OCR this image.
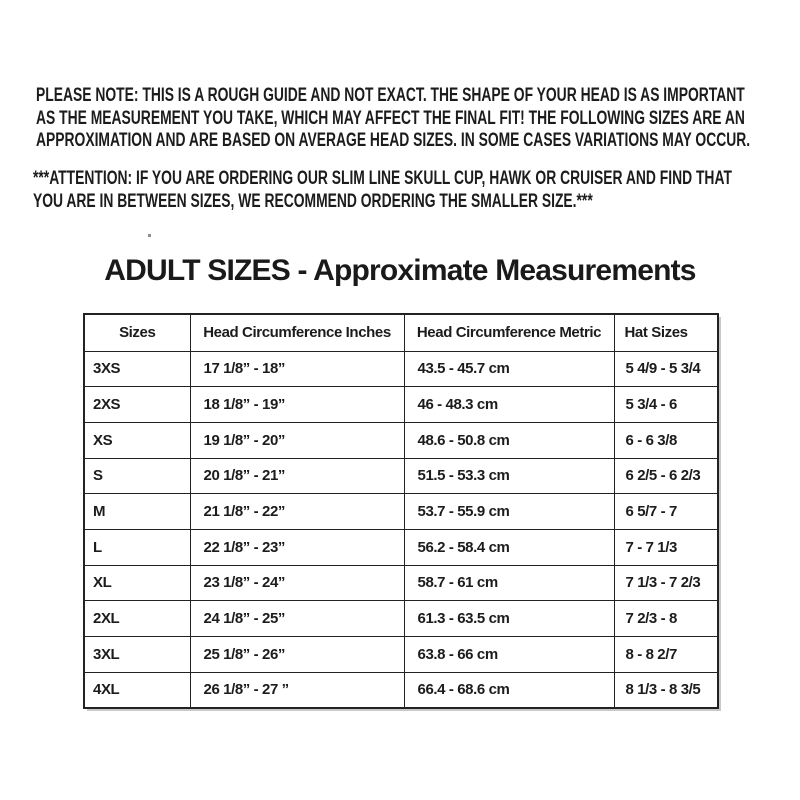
PLEASE NOTE: THIS IS A ROUGH GUIDE AND NOT EXACT. THE SHAPE OF YOUR HEAD IS AS IMPORTANT
AS THE MEASUREMENT YOU TAKE, WHICH MAY AFFECT THE FINAL FIT! THE FOLLOWING SIZES ARE AN
APPROXIMATION AND ARE BASED ON AVERAGE HEAD SIZES. IN SOME CASES VARIATIONS MAY OCCUR.
***ATTENTION: IF YOU ARE ORDERING OUR SLIM LINE SKULL CUP, HAWK OR CRUISER AND FIND THAT
YOU ARE IN BETWEEN SIZES, WE RECOMMEND ORDERING THE SMALLER SIZE.***
ADULT SIZES - Approximate Measurements
Sizes	Head Circumference Inches	Head Circumference Metric	Hat Sizes
3XS	17 1/8” - 18”	43.5 - 45.7 cm	5 4/9 - 5 3/4
2XS	18 1/8” - 19”	46 - 48.3 cm	5 3/4 - 6
XS	19 1/8” - 20”	48.6 - 50.8 cm	6 - 6 3/8
S	20 1/8” - 21”	51.5 - 53.3 cm	6 2/5 - 6 2/3
M	21 1/8” - 22”	53.7 - 55.9 cm	6 5/7 - 7
L	22 1/8” - 23”	56.2 - 58.4 cm	7 - 7 1/3
XL	23 1/8” - 24”	58.7 - 61 cm	7 1/3 - 7 2/3
2XL	24 1/8” - 25”	61.3 - 63.5 cm	7 2/3 - 8
3XL	25 1/8” - 26”	63.8 - 66 cm	8 - 8 2/7
4XL	26 1/8” - 27 ”	66.4 - 68.6 cm	8 1/3 - 8 3/5
